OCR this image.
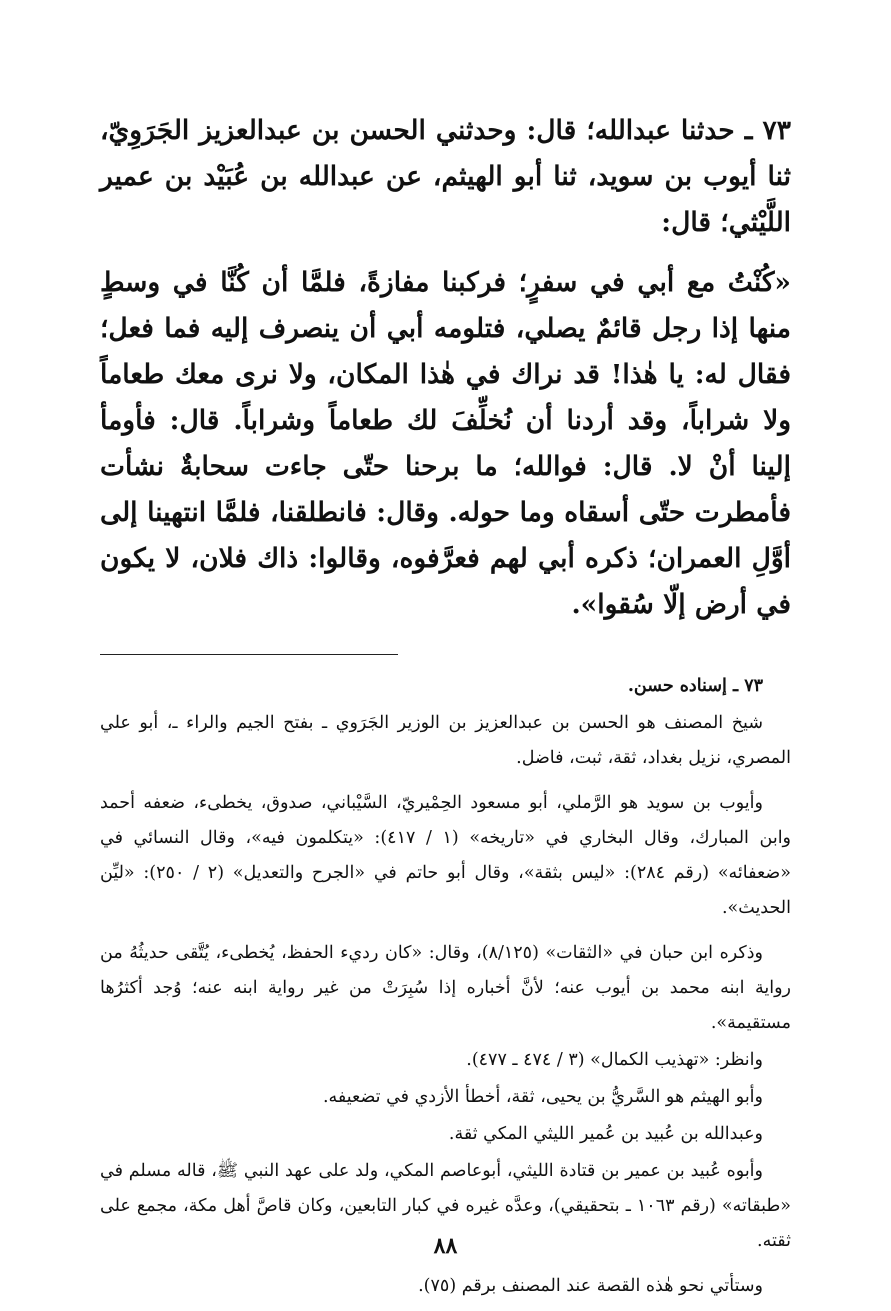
٧٣ ـ حدثنا عبدالله؛ قال: وحدثني الحسن بن عبدالعزيز الجَرَوِيّ، ثنا أيوب بن سويد، ثنا أبو الهيثم، عن عبدالله بن عُبَيْد بن عمير اللَّيْثي؛ قال:

«كُنْتُ مع أبي في سفرٍ؛ فركبنا مفازةً، فلمَّا أن كُنَّا في وسطٍ منها إذا رجل قائمٌ يصلي، فتلومه أبي أن ينصرف إليه فما فعل؛ فقال له: يا هٰذا! قد نراك في هٰذا المكان، ولا نرى معك طعاماً ولا شراباً، وقد أردنا أن نُخلِّفَ لك طعاماً وشراباً. قال: فأومأ إلينا أنْ لا. قال: فوالله؛ ما برحنا حتّى جاءت سحابةٌ نشأت فأمطرت حتّى أسقاه وما حوله. وقال: فانطلقنا، فلمَّا انتهينا إلى أوَّلِ العمران؛ ذكره أبي لهم فعرَّفوه، وقالوا: ذاك فلان، لا يكون في أرض إلّا سُقوا».

٧٣ ـ إسناده حسن.

شيخ المصنف هو الحسن بن عبدالعزيز بن الوزير الجَرَوي ـ بفتح الجيم والراء ـ، أبو علي المصري، نزيل بغداد، ثقة، ثبت، فاضل.

وأيوب بن سويد هو الرَّملي، أبو مسعود الحِمْيريّ، السَّيْباني، صدوق، يخطىء، ضعفه أحمد وابن المبارك، وقال البخاري في «تاريخه» (١ / ٤١٧): «يتكلمون فيه»، وقال النسائي في «ضعفائه» (رقم ٢٨٤): «ليس بثقة»، وقال أبو حاتم في «الجرح والتعديل» (٢ / ٢٥٠): «ليِّن الحديث».

وذكره ابن حبان في «الثقات» (٨/١٢٥)، وقال: «كان رديء الحفظ، يُخطىء، يُتَّقى حديثُهُ من رواية ابنه محمد بن أيوب عنه؛ لأنَّ أخباره إذا سُبِرَتْ من غير رواية ابنه عنه؛ وُجد أكثرُها مستقيمة».

وانظر: «تهذيب الكمال» (٣ / ٤٧٤ ـ ٤٧٧).

وأبو الهيثم هو السَّريُّ بن يحيى، ثقة، أخطأ الأزدي في تضعيفه.

وعبدالله بن عُبيد بن عُمير الليثي المكي ثقة.

وأبوه عُبيد بن عمير بن قتادة الليثي، أبوعاصم المكي، ولد على عهد النبي ﷺ، قاله مسلم في «طبقاته» (رقم ١٠٦٣ ـ بتحقيقي)، وعدَّه غيره في كبار التابعين، وكان قاصَّ أهل مكة، مجمع على ثقته.

وستأتي نحو هٰذه القصة عند المصنف برقم (٧٥).

٨٨
